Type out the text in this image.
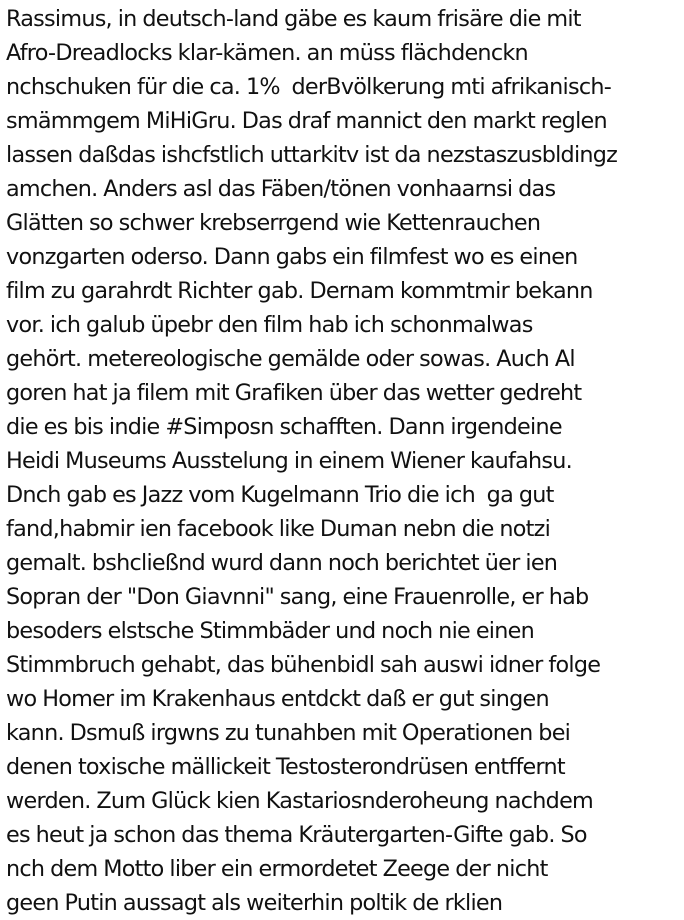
Rassimus, in deutsch-land gäbe es kaum frisäre die mit
Afro-Dreadlocks klar-kämen. an müss flächdenckn
nchschuken für die ca. 1%  derBvölkerung mti afrikanisch-
smämmgem MiHiGru. Das draf mannict den markt reglen
lassen daßdas ishcfstlich uttarkitv ist da nezstaszusbldingz
amchen. Anders asl das Fäben/tönen vonhaarnsi das
Glätten so schwer krebserrgend wie Kettenrauchen
vonzgarten oderso. Dann gabs ein filmfest wo es einen
film zu garahrdt Richter gab. Dernam kommtmir bekann
vor. ich galub üpebr den film hab ich schonmalwas
gehört. metereologische gemälde oder sowas. Auch Al
goren hat ja filem mit Grafiken über das wetter gedreht
die es bis indie #Simposn schafften. Dann irgendeine
Heidi Museums Ausstelung in einem Wiener kaufahsu.
Dnch gab es Jazz vom Kugelmann Trio die ich  ga gut
fand,habmir ien facebook like Duman nebn die notzi
gemalt. bshcließnd wurd dann noch berichtet üer ien
Sopran der "Don Giavnni" sang, eine Frauenrolle, er hab
besoders elstsche Stimmbäder und noch nie einen
Stimmbruch gehabt, das bühenbidl sah auswi idner folge
wo Homer im Krakenhaus entdckt daß er gut singen
kann. Dsmuß irgwns zu tunahben mit Operationen bei
denen toxische mällickeit Testosterondrüsen entffernt
werden. Zum Glück kien Kastariosnderoheung nachdem
es heut ja schon das thema Kräutergarten-Gifte gab. So
nch dem Motto liber ein ermordetet Zeege der nicht
geen Putin aussagt als weiterhin poltik de rklien
